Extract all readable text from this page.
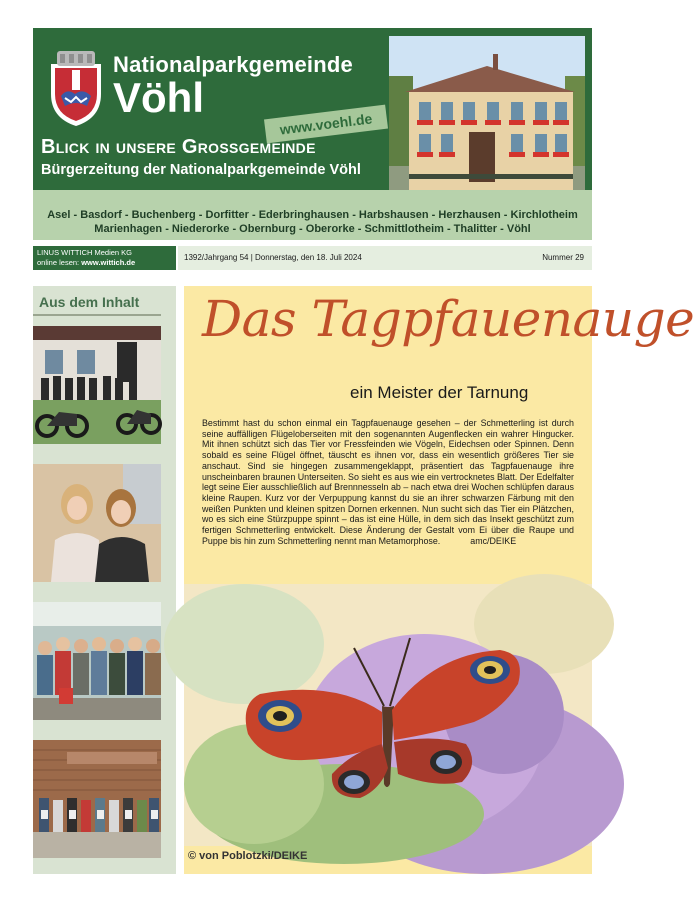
Nationalparkgemeinde
Vöhl
www.voehl.de
Blick in unsere Grossgemeinde
Bürgerzeitung der Nationalparkgemeinde Vöhl
Asel - Basdorf - Buchenberg - Dorfitter - Ederbringhausen - Harbshausen - Herzhausen - Kirchlotheim
Marienhagen - Niederorke - Obernburg - Oberorke - Schmittlotheim - Thalitter - Vöhl
LINUS WITTICH Medien KG
online lesen: www.wittich.de
1392/Jahrgang 54 | Donnerstag, den 18. Juli 2024	Nummer 29
Aus dem Inhalt Das Tagpfauenauge
ein Meister der Tarnung

Bestimmt hast du schon einmal ein Tagpfauenauge gesehen – der Schmetterling ist durch seine auffälligen Flügeloberseiten mit den sogenannten Augenflecken ein wahrer Hingucker. Mit ihnen schützt sich das Tier vor Fressfeinden wie Vögeln, Eidechsen oder Spinnen. Denn sobald es seine Flügel öffnet, täuscht es ihnen vor, dass ein wesentlich größeres Tier sie anschaut. Sind sie hingegen zusammengeklappt, präsentiert das Tagpfauenauge ihre unscheinbaren braunen Unterseiten. So sieht es aus wie ein vertrocknetes Blatt. Der Edelfalter legt seine Eier ausschließlich auf Brennnesseln ab – nach etwa drei Wochen schlüpfen daraus kleine Raupen. Kurz vor der Verpuppung kannst du sie an ihrer schwarzen Färbung mit den weißen Punkten und kleinen spitzen Dornen erkennen. Nun sucht sich das Tier ein Plätzchen, wo es sich eine Stürzpuppe spinnt – das ist eine Hülle, in dem sich das Insekt geschützt zum fertigen Schmetterling entwickelt. Diese Änderung der Gestalt vom Ei über die Raupe und Puppe bis hin zum Schmetterling nennt man Metamorphose.	amc/DEIKE

© von Poblotzki/DEIKE
